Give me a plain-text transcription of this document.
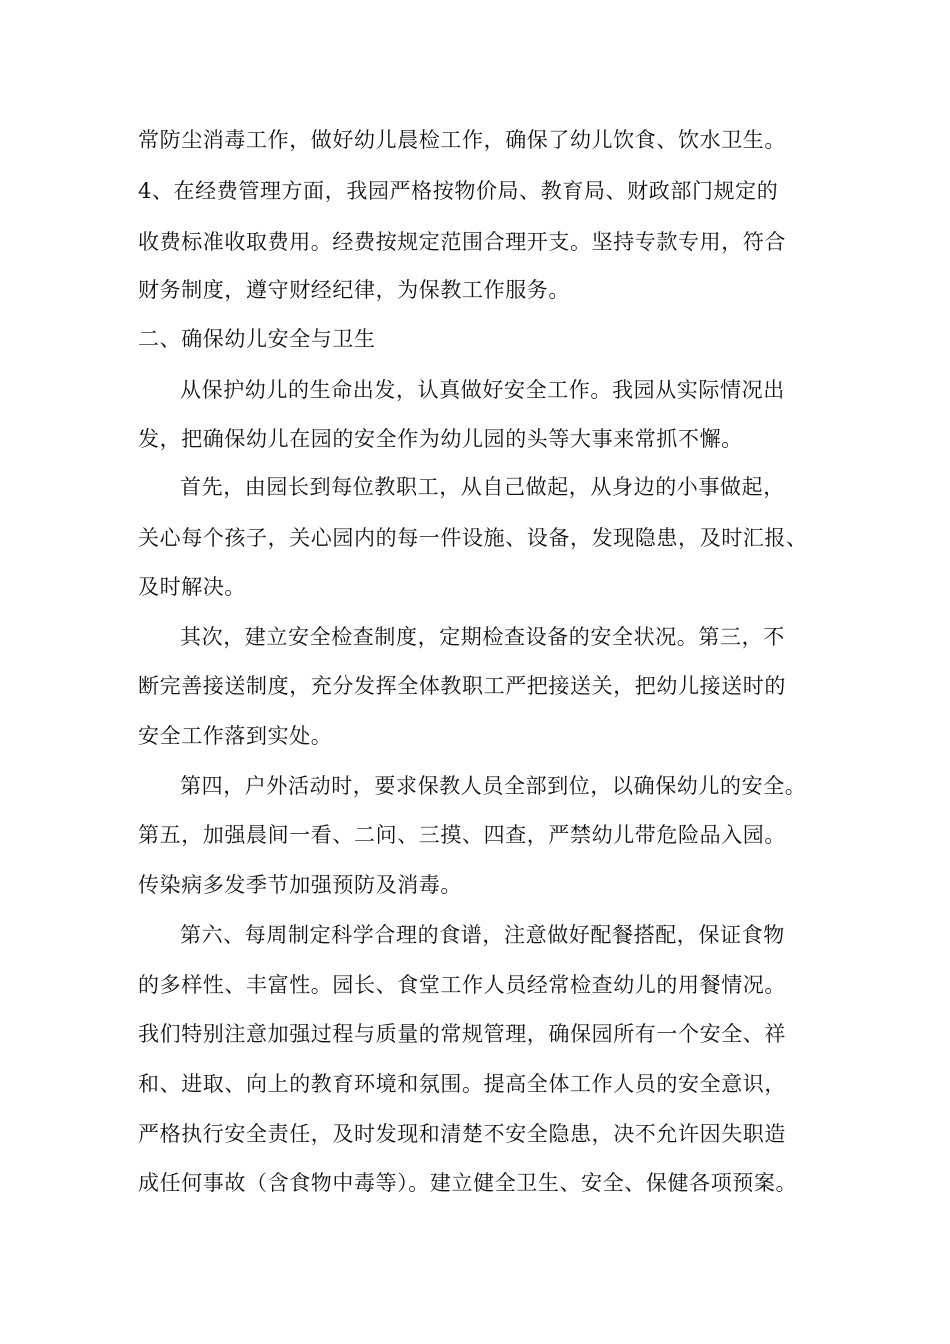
常防尘消毒工作，做好幼儿晨检工作，确保了幼儿饮食、饮水卫生。
4、在经费管理方面，我园严格按物价局、教育局、财政部门规定的
收费标准收取费用。经费按规定范围合理开支。坚持专款专用，符合
财务制度，遵守财经纪律，为保教工作服务。
二、确保幼儿安全与卫生
从保护幼儿的生命出发，认真做好安全工作。我园从实际情况出
发，把确保幼儿在园的安全作为幼儿园的头等大事来常抓不懈。
首先，由园长到每位教职工，从自己做起，从身边的小事做起，
关心每个孩子，关心园内的每一件设施、设备，发现隐患，及时汇报、
及时解决。
其次，建立安全检查制度，定期检查设备的安全状况。第三，不
断完善接送制度，充分发挥全体教职工严把接送关，把幼儿接送时的
安全工作落到实处。
第四，户外活动时，要求保教人员全部到位，以确保幼儿的安全。
第五，加强晨间一看、二问、三摸、四查，严禁幼儿带危险品入园。
传染病多发季节加强预防及消毒。
第六、每周制定科学合理的食谱，注意做好配餐搭配，保证食物
的多样性、丰富性。园长、食堂工作人员经常检查幼儿的用餐情况。
我们特别注意加强过程与质量的常规管理，确保园所有一个安全、祥
和、进取、向上的教育环境和氛围。提高全体工作人员的安全意识，
严格执行安全责任，及时发现和清楚不安全隐患，决不允许因失职造
成任何事故（含食物中毒等）。建立健全卫生、安全、保健各项预案。
